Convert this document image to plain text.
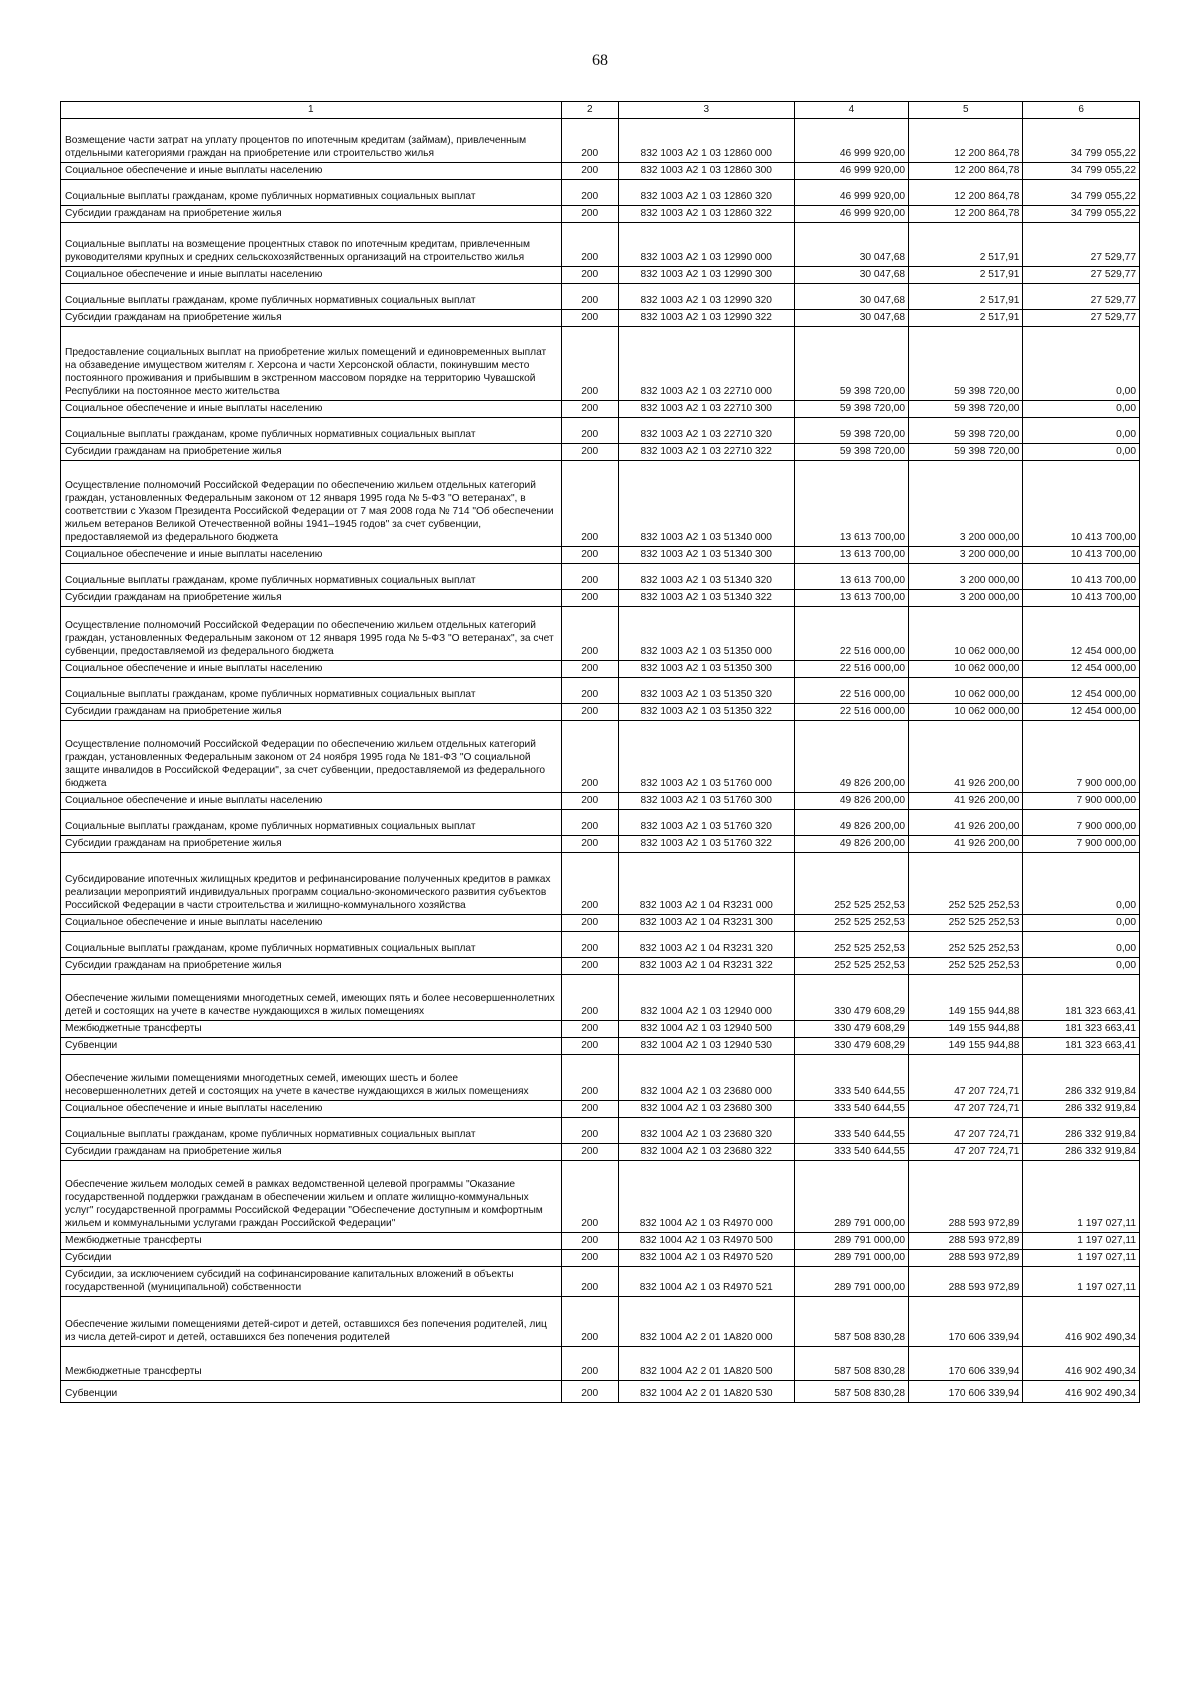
68
1	2	3	4	5	6
Возмещение части затрат на уплату процентов по ипотечным кредитам (займам), привлеченным отдельными категориями граждан на приобретение или строительство жилья	200	832 1003 А2 1 03 12860 000	46 999 920,00	12 200 864,78	34 799 055,22
Социальное обеспечение и иные выплаты населению	200	832 1003 А2 1 03 12860 300	46 999 920,00	12 200 864,78	34 799 055,22
Социальные выплаты гражданам, кроме публичных нормативных социальных выплат	200	832 1003 А2 1 03 12860 320	46 999 920,00	12 200 864,78	34 799 055,22
Субсидии гражданам на приобретение жилья	200	832 1003 А2 1 03 12860 322	46 999 920,00	12 200 864,78	34 799 055,22
Социальные выплаты на возмещение процентных ставок по ипотечным кредитам, привлеченным руководителями крупных и средних сельскохозяйственных организаций на строительство жилья	200	832 1003 А2 1 03 12990 000	30 047,68	2 517,91	27 529,77
Социальное обеспечение и иные выплаты населению	200	832 1003 А2 1 03 12990 300	30 047,68	2 517,91	27 529,77
Социальные выплаты гражданам, кроме публичных нормативных социальных выплат	200	832 1003 А2 1 03 12990 320	30 047,68	2 517,91	27 529,77
Субсидии гражданам на приобретение жилья	200	832 1003 А2 1 03 12990 322	30 047,68	2 517,91	27 529,77
Предоставление социальных выплат на приобретение жилых помещений и единовременных выплат на обзаведение имуществом жителям г. Херсона и части Херсонской области, покинувшим место постоянного проживания и прибывшим в экстренном массовом порядке на территорию Чувашской Республики на постоянное место жительства	200	832 1003 А2 1 03 22710 000	59 398 720,00	59 398 720,00	0,00
Социальное обеспечение и иные выплаты населению	200	832 1003 А2 1 03 22710 300	59 398 720,00	59 398 720,00	0,00
Социальные выплаты гражданам, кроме публичных нормативных социальных выплат	200	832 1003 А2 1 03 22710 320	59 398 720,00	59 398 720,00	0,00
Субсидии гражданам на приобретение жилья	200	832 1003 А2 1 03 22710 322	59 398 720,00	59 398 720,00	0,00
Осуществление полномочий Российской Федерации по обеспечению жильем отдельных категорий граждан, установленных Федеральным законом от 12 января 1995 года № 5-ФЗ "О ветеранах", в соответствии с Указом Президента Российской Федерации от 7 мая 2008 года № 714 "Об обеспечении жильем ветеранов Великой Отечественной войны 1941–1945 годов" за счет субвенции, предоставляемой из федерального бюджета	200	832 1003 А2 1 03 51340 000	13 613 700,00	3 200 000,00	10 413 700,00
Социальное обеспечение и иные выплаты населению	200	832 1003 А2 1 03 51340 300	13 613 700,00	3 200 000,00	10 413 700,00
Социальные выплаты гражданам, кроме публичных нормативных социальных выплат	200	832 1003 А2 1 03 51340 320	13 613 700,00	3 200 000,00	10 413 700,00
Субсидии гражданам на приобретение жилья	200	832 1003 А2 1 03 51340 322	13 613 700,00	3 200 000,00	10 413 700,00
Осуществление полномочий Российской Федерации по обеспечению жильем отдельных категорий граждан, установленных Федеральным законом от 12 января 1995 года № 5-ФЗ "О ветеранах", за счет субвенции, предоставляемой из федерального бюджета	200	832 1003 А2 1 03 51350 000	22 516 000,00	10 062 000,00	12 454 000,00
Социальное обеспечение и иные выплаты населению	200	832 1003 А2 1 03 51350 300	22 516 000,00	10 062 000,00	12 454 000,00
Социальные выплаты гражданам, кроме публичных нормативных социальных выплат	200	832 1003 А2 1 03 51350 320	22 516 000,00	10 062 000,00	12 454 000,00
Субсидии гражданам на приобретение жилья	200	832 1003 А2 1 03 51350 322	22 516 000,00	10 062 000,00	12 454 000,00
Осуществление полномочий Российской Федерации по обеспечению жильем отдельных категорий граждан, установленных Федеральным законом от 24 ноября 1995 года № 181-ФЗ "О социальной защите инвалидов в Российской Федерации", за счет субвенции, предоставляемой из федерального бюджета	200	832 1003 А2 1 03 51760 000	49 826 200,00	41 926 200,00	7 900 000,00
Социальное обеспечение и иные выплаты населению	200	832 1003 А2 1 03 51760 300	49 826 200,00	41 926 200,00	7 900 000,00
Социальные выплаты гражданам, кроме публичных нормативных социальных выплат	200	832 1003 А2 1 03 51760 320	49 826 200,00	41 926 200,00	7 900 000,00
Субсидии гражданам на приобретение жилья	200	832 1003 А2 1 03 51760 322	49 826 200,00	41 926 200,00	7 900 000,00
Субсидирование ипотечных жилищных кредитов и рефинансирование полученных кредитов в рамках реализации мероприятий индивидуальных программ социально-экономического развития субъектов Российской Федерации в части строительства и жилищно-коммунального хозяйства	200	832 1003 А2 1 04 R3231 000	252 525 252,53	252 525 252,53	0,00
Социальное обеспечение и иные выплаты населению	200	832 1003 А2 1 04 R3231 300	252 525 252,53	252 525 252,53	0,00
Социальные выплаты гражданам, кроме публичных нормативных социальных выплат	200	832 1003 А2 1 04 R3231 320	252 525 252,53	252 525 252,53	0,00
Субсидии гражданам на приобретение жилья	200	832 1003 А2 1 04 R3231 322	252 525 252,53	252 525 252,53	0,00
Обеспечение жилыми помещениями многодетных семей, имеющих пять и более несовершеннолетних детей и состоящих на учете в качестве нуждающихся в жилых помещениях	200	832 1004 А2 1 03 12940 000	330 479 608,29	149 155 944,88	181 323 663,41
Межбюджетные трансферты	200	832 1004 А2 1 03 12940 500	330 479 608,29	149 155 944,88	181 323 663,41
Субвенции	200	832 1004 А2 1 03 12940 530	330 479 608,29	149 155 944,88	181 323 663,41
Обеспечение жилыми помещениями многодетных семей, имеющих шесть и более несовершеннолетних детей и состоящих на учете в качестве нуждающихся в жилых помещениях	200	832 1004 А2 1 03 23680 000	333 540 644,55	47 207 724,71	286 332 919,84
Социальное обеспечение и иные выплаты населению	200	832 1004 А2 1 03 23680 300	333 540 644,55	47 207 724,71	286 332 919,84
Социальные выплаты гражданам, кроме публичных нормативных социальных выплат	200	832 1004 А2 1 03 23680 320	333 540 644,55	47 207 724,71	286 332 919,84
Субсидии гражданам на приобретение жилья	200	832 1004 А2 1 03 23680 322	333 540 644,55	47 207 724,71	286 332 919,84
Обеспечение жильем молодых семей в рамках ведомственной целевой программы "Оказание государственной поддержки гражданам в обеспечении жильем и оплате жилищно-коммунальных услуг" государственной программы Российской Федерации "Обеспечение доступным и комфортным жильем и коммунальными услугами граждан Российской Федерации"	200	832 1004 А2 1 03 R4970 000	289 791 000,00	288 593 972,89	1 197 027,11
Межбюджетные трансферты	200	832 1004 А2 1 03 R4970 500	289 791 000,00	288 593 972,89	1 197 027,11
Субсидии	200	832 1004 А2 1 03 R4970 520	289 791 000,00	288 593 972,89	1 197 027,11
Субсидии, за исключением субсидий на софинансирование капитальных вложений в объекты государственной (муниципальной) собственности	200	832 1004 А2 1 03 R4970 521	289 791 000,00	288 593 972,89	1 197 027,11
Обеспечение жилыми помещениями детей-сирот и детей, оставшихся без попечения родителей, лиц из числа детей-сирот и детей, оставшихся без попечения родителей	200	832 1004 А2 2 01 1А820 000	587 508 830,28	170 606 339,94	416 902 490,34
Межбюджетные трансферты	200	832 1004 А2 2 01 1А820 500	587 508 830,28	170 606 339,94	416 902 490,34
Субвенции	200	832 1004 А2 2 01 1А820 530	587 508 830,28	170 606 339,94	416 902 490,34
